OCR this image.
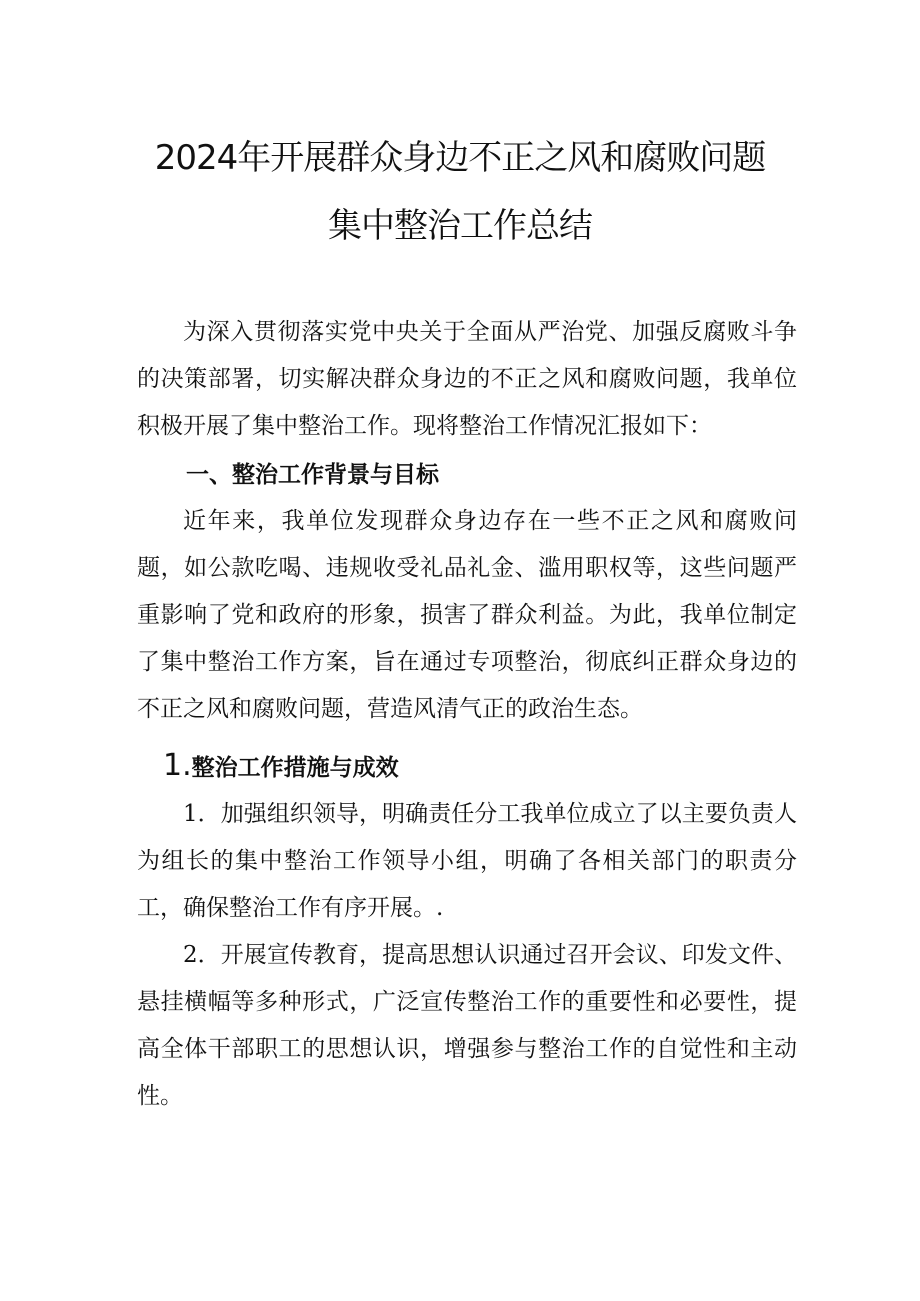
2024年开展群众身边不正之风和腐败问题
集中整治工作总结

为深入贯彻落实党中央关于全面从严治党、加强反腐败斗争的决策部署，切实解决群众身边的不正之风和腐败问题，我单位积极开展了集中整治工作。现将整治工作情况汇报如下：

一、整治工作背景与目标

近年来，我单位发现群众身边存在一些不正之风和腐败问题，如公款吃喝、违规收受礼品礼金、滥用职权等，这些问题严重影响了党和政府的形象，损害了群众利益。为此，我单位制定了集中整治工作方案，旨在通过专项整治，彻底纠正群众身边的不正之风和腐败问题，营造风清气正的政治生态。

1.整治工作措施与成效

1．加强组织领导，明确责任分工我单位成立了以主要负责人为组长的集中整治工作领导小组，明确了各相关部门的职责分工，确保整治工作有序开展。.

2．开展宣传教育，提高思想认识通过召开会议、印发文件、悬挂横幅等多种形式，广泛宣传整治工作的重要性和必要性，提高全体干部职工的思想认识，增强参与整治工作的自觉性和主动性。
